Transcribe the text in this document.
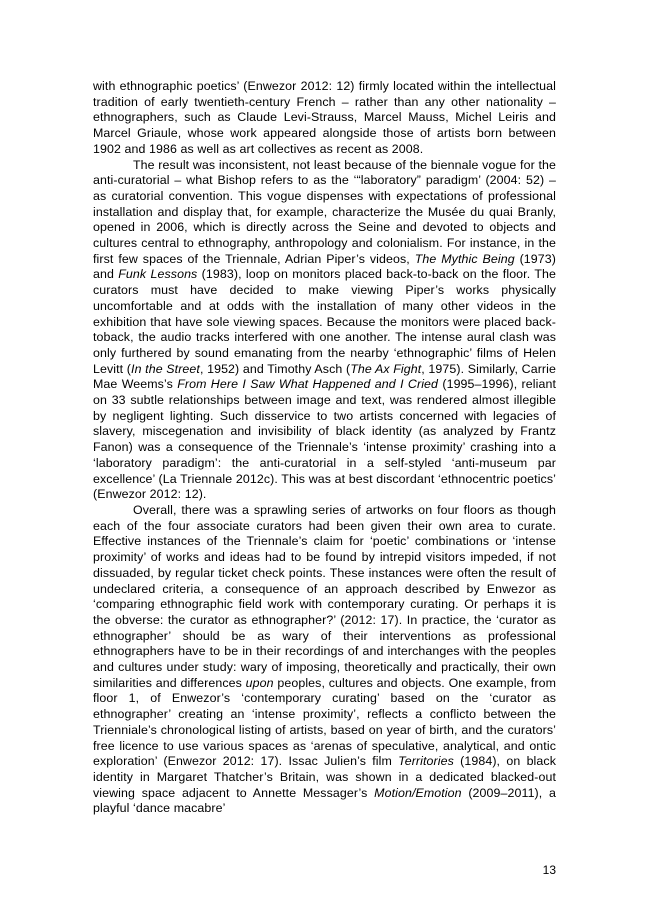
with ethnographic poetics’ (Enwezor 2012: 12) firmly located within the intellectual tradition of early twentieth-century French – rather than any other nationality – ethnographers, such as Claude Levi-Strauss, Marcel Mauss, Michel Leiris and Marcel Griaule, whose work appeared alongside those of artists born between 1902 and 1986 as well as art collectives as recent as 2008.

The result was inconsistent, not least because of the biennale vogue for the anti-curatorial – what Bishop refers to as the ‘“laboratory” paradigm’ (2004: 52) – as curatorial convention. This vogue dispenses with expectations of professional installation and display that, for example, characterize the Musée du quai Branly, opened in 2006, which is directly across the Seine and devoted to objects and cultures central to ethnography, anthropology and colonialism. For instance, in the first few spaces of the Triennale, Adrian Piper’s videos, The Mythic Being (1973) and Funk Lessons (1983), loop on monitors placed back-to-back on the floor. The curators must have decided to make viewing Piper’s works physically uncomfortable and at odds with the installation of many other videos in the exhibition that have sole viewing spaces. Because the monitors were placed back-toback, the audio tracks interfered with one another. The intense aural clash was only furthered by sound emanating from the nearby ‘ethnographic’ films of Helen Levitt (In the Street, 1952) and Timothy Asch (The Ax Fight, 1975). Similarly, Carrie Mae Weems’s From Here I Saw What Happened and I Cried (1995–1996), reliant on 33 subtle relationships between image and text, was rendered almost illegible by negligent lighting. Such disservice to two artists concerned with legacies of slavery, miscegenation and invisibility of black identity (as analyzed by Frantz Fanon) was a consequence of the Triennale’s ‘intense proximity’ crashing into a ‘laboratory paradigm’: the anti-curatorial in a self-styled ‘anti-museum par excellence’ (La Triennale 2012c). This was at best discordant ‘ethnocentric poetics’ (Enwezor 2012: 12).

Overall, there was a sprawling series of artworks on four floors as though each of the four associate curators had been given their own area to curate. Effective instances of the Triennale’s claim for ‘poetic’ combinations or ‘intense proximity’ of works and ideas had to be found by intrepid visitors impeded, if not dissuaded, by regular ticket check points. These instances were often the result of undeclared criteria, a consequence of an approach described by Enwezor as ‘comparing ethnographic field work with contemporary curating. Or perhaps it is the obverse: the curator as ethnographer?’ (2012: 17). In practice, the ‘curator as ethnographer’ should be as wary of their interventions as professional ethnographers have to be in their recordings of and interchanges with the peoples and cultures under study: wary of imposing, theoretically and practically, their own similarities and differences upon peoples, cultures and objects. One example, from floor 1, of Enwezor’s ‘contemporary curating’ based on the ‘curator as ethnographer’ creating an ‘intense proximity’, reflects a conflicto between the Trienniale’s chronological listing of artists, based on year of birth, and the curators’ free licence to use various spaces as ‘arenas of speculative, analytical, and ontic exploration’ (Enwezor 2012: 17). Issac Julien’s film Territories (1984), on black identity in Margaret Thatcher’s Britain, was shown in a dedicated blacked-out viewing space adjacent to Annette Messager’s Motion/Emotion (2009–2011), a playful ‘dance macabre’

13
